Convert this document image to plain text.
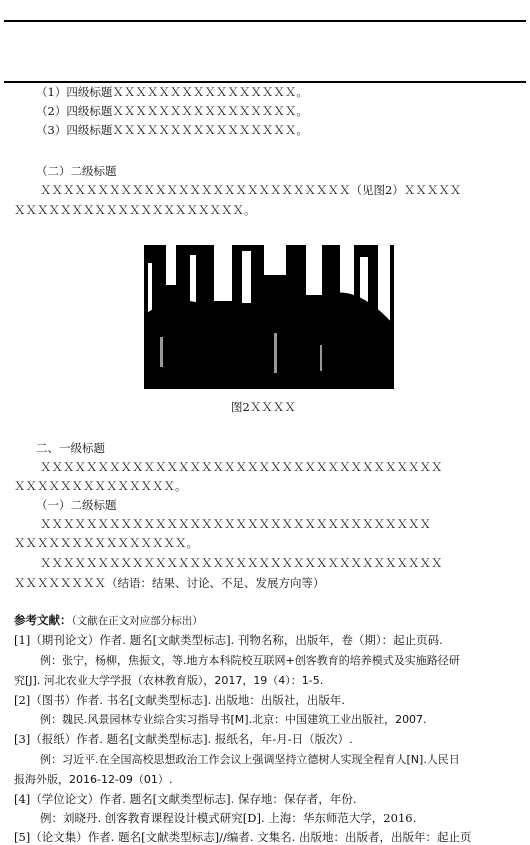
（1）四级标题ＸＸＸＸＸＸＸＸＸＸＸＸＸＸＸＸ。
（2）四级标题ＸＸＸＸＸＸＸＸＸＸＸＸＸＸＸＸ。
（3）四级标题ＸＸＸＸＸＸＸＸＸＸＸＸＸＸＸＸ。
（二）二级标题
ＸＸＸＸＸＸＸＸＸＸＸＸＸＸＸＸＸＸＸＸＸＸＸＸＸＸＸ（见图2）ＸＸＸＸＸ
ＸＸＸＸＸＸＸＸＸＸＸＸＸＸＸＸＸＸＸＸ。
图2ＸＸＸＸ
二、一级标题
ＸＸＸＸＸＸＸＸＸＸＸＸＸＸＸＸＸＸＸＸＸＸＸＸＸＸＸＸＸＸＸＸＸＸＸ
ＸＸＸＸＸＸＸＸＸＸＸＸＸＸ。
（一）二级标题
ＸＸＸＸＸＸＸＸＸＸＸＸＸＸＸＸＸＸＸＸＸＸＸＸＸＸＸＸＸＸＸＸＸＸ
ＸＸＸＸＸＸＸＸＸＸＸＸＸＸＸ。
ＸＸＸＸＸＸＸＸＸＸＸＸＸＸＸＸＸＸＸＸＸＸＸＸＸＸＸＸＸＸＸＸＸＸＸ
ＸＸＸＸＸＸＸＸ（结语：结果、讨论、不足、发展方向等）
参考文献：（文献在正文对应部分标出）
[1]（期刊论文）作者. 题名[文献类型标志]. 刊物名称，出版年，卷（期）：起止页码.
例：张宁，杨柳，焦振文，等.地方本科院校互联网+创客教育的培养模式及实施路径研
究[J]. 河北农业大学学报（农林教育版），2017，19（4）：1-5.
[2]（图书）作者. 书名[文献类型标志]. 出版地：出版社，出版年.
例：魏民.风景园林专业综合实习指导书[M].北京：中国建筑工业出版社，2007.
[3]（报纸）作者. 题名[文献类型标志]. 报纸名，年-月-日（版次）.
例：习近平.在全国高校思想政治工作会议上强调坚持立德树人实现全程育人[N].人民日
报海外版，2016-12-09（01）.
[4]（学位论文）作者. 题名[文献类型标志]. 保存地：保存者，年份.
例：刘晓丹. 创客教育课程设计模式研究[D]. 上海：华东师范大学，2016.
[5]（论文集）作者. 题名[文献类型标志]//编者. 文集名. 出版地：出版者，出版年：起止页
